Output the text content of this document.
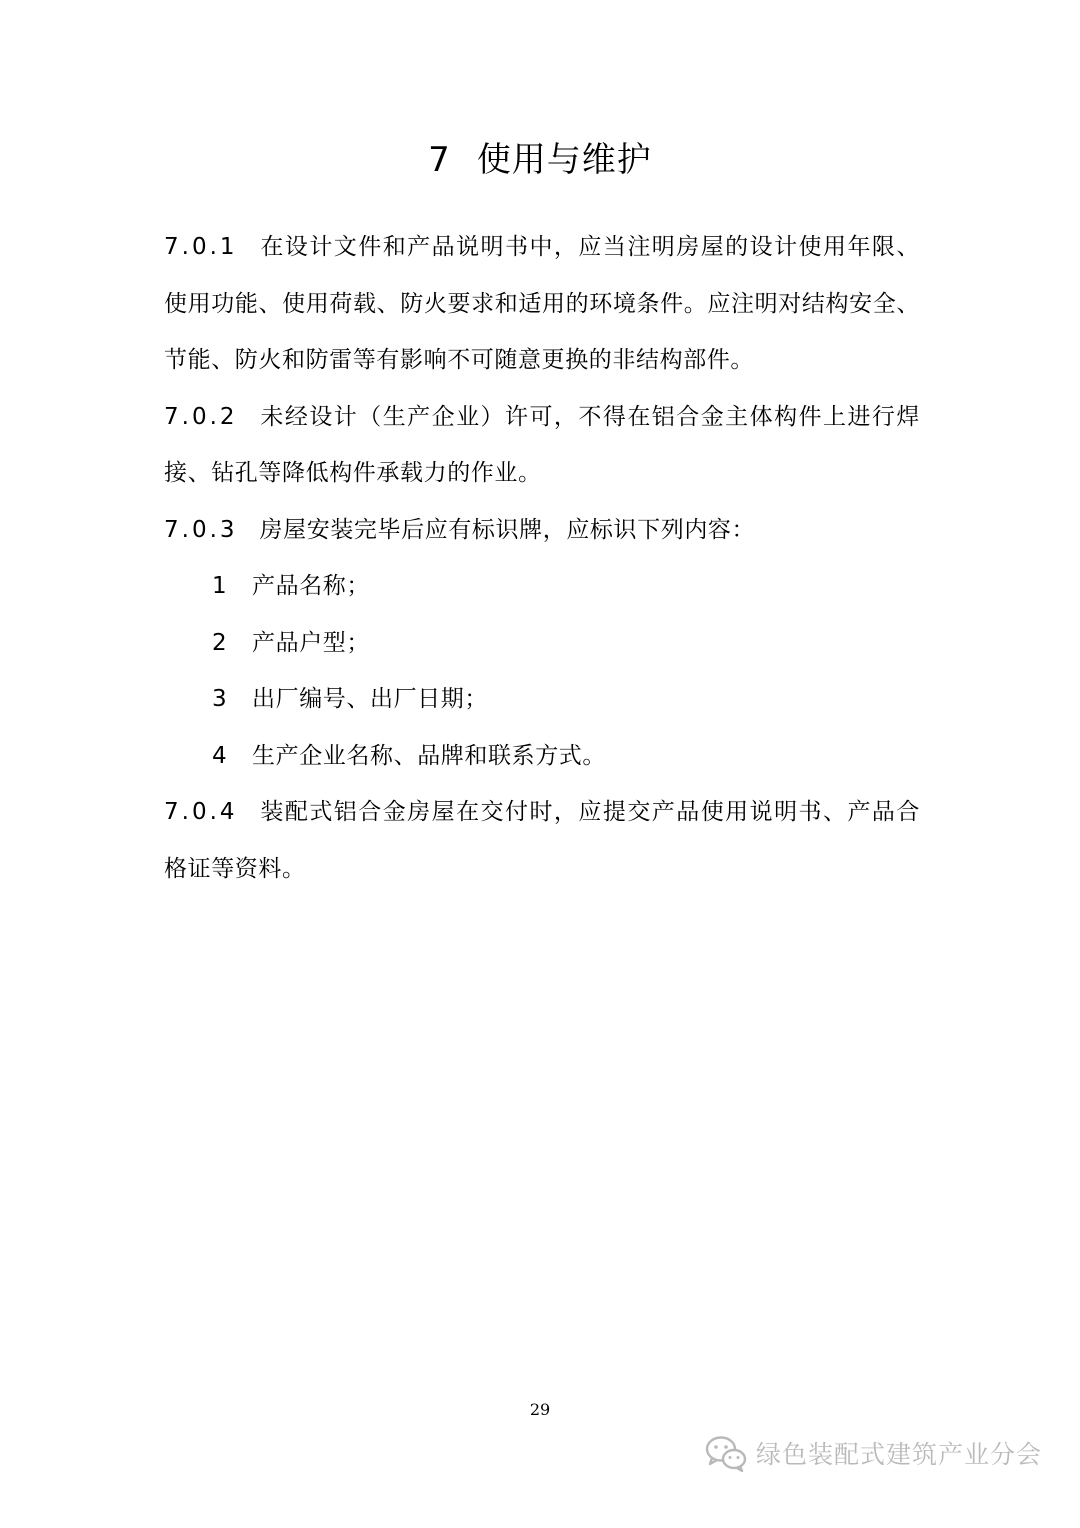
7 使用与维护

7.0.1 在设计文件和产品说明书中，应当注明房屋的设计使用年限、使用功能、使用荷载、防火要求和适用的环境条件。应注明对结构安全、节能、防火和防雷等有影响不可随意更换的非结构部件。

7.0.2 未经设计（生产企业）许可，不得在铝合金主体构件上进行焊接、钻孔等降低构件承载力的作业。

7.0.3 房屋安装完毕后应有标识牌，应标识下列内容：

1 产品名称；

2 产品户型；

3 出厂编号、出厂日期；

4 生产企业名称、品牌和联系方式。

7.0.4 装配式铝合金房屋在交付时，应提交产品使用说明书、产品合格证等资料。

29
绿色装配式建筑产业分会
